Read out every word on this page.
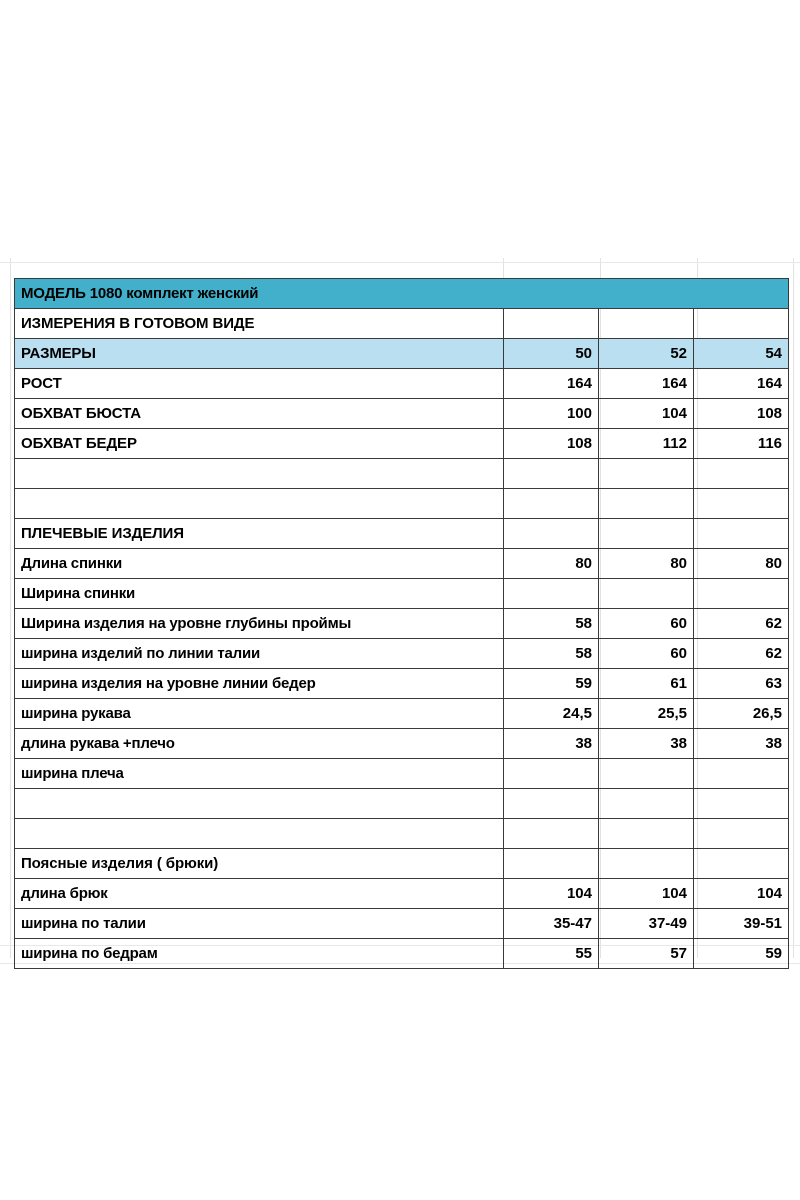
МОДЕЛЬ 1080 комплект женский			
ИЗМЕРЕНИЯ В ГОТОВОМ ВИДЕ			
РАЗМЕРЫ	50	52	54
РОСТ	164	164	164
ОБХВАТ БЮСТА	100	104	108
ОБХВАТ БЕДЕР	108	112	116

ПЛЕЧЕВЫЕ ИЗДЕЛИЯ			
Длина спинки	80	80	80
Ширина спинки			
Ширина изделия на уровне глубины проймы	58	60	62
ширина изделий по линии талии	58	60	62
ширина изделия на уровне линии бедер	59	61	63
ширина рукава	24,5	25,5	26,5
длина рукава +плечо	38	38	38
ширина плеча			

Поясные изделия ( брюки)			
длина брюк	104	104	104
ширина по талии	35-47	37-49	39-51
ширина по бедрам	55	57	59
